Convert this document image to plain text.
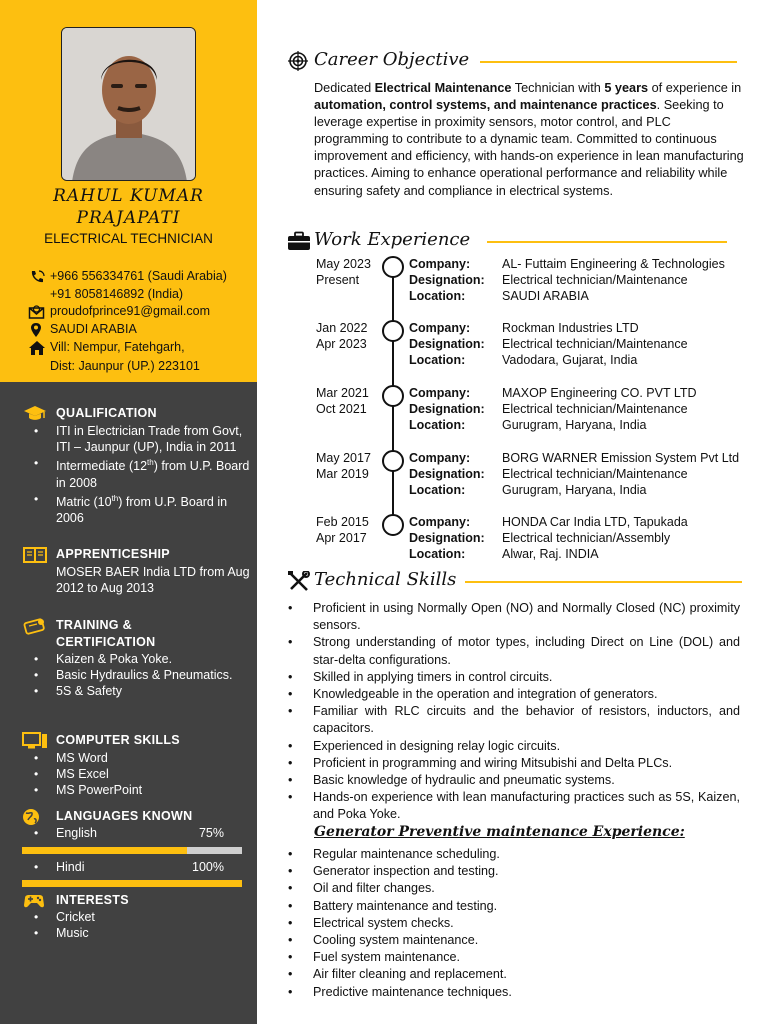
RAHUL KUMAR
PRAJAPATI
ELECTRICAL TECHNICIAN
+966 556334761 (Saudi Arabia)
+91 8058146892 (India)
proudofprince91@gmail.com
SAUDI ARABIA
Vill: Nempur, Fatehgarh,
Dist: Jaunpur (UP.) 223101
QUALIFICATION
• ITI in Electrician Trade from Govt, ITI – Jaunpur (UP), India in 2011
• Intermediate (12th) from U.P. Board in 2008
• Matric (10th) from U.P. Board in 2006
APPRENTICESHIP
MOSER BAER India LTD from Aug 2012 to Aug 2013
TRAINING & CERTIFICATION
• Kaizen & Poka Yoke.
• Basic Hydraulics & Pneumatics.
• 5S & Safety
COMPUTER SKILLS
• MS Word
• MS Excel
• MS PowerPoint
LANGUAGES KNOWN
• English	75%
• Hindi	100%
INTERESTS
• Cricket
• Music
Career Objective
Dedicated Electrical Maintenance Technician with 5 years of experience in automation, control systems, and maintenance practices. Seeking to leverage expertise in proximity sensors, motor control, and PLC programming to contribute to a dynamic team. Committed to continuous improvement and efficiency, with hands-on experience in lean manufacturing practices. Aiming to enhance operational performance and reliability while ensuring safety and compliance in electrical systems.
Work Experience
May 2023
Present
Company:	AL- Futtaim Engineering & Technologies
Designation: Electrical technician/Maintenance
Location:	SAUDI ARABIA
Jan 2022
Apr 2023
Company:	Rockman Industries LTD
Designation: Electrical technician/Maintenance
Location:	Vadodara, Gujarat, India
Mar 2021
Oct 2021
Company:	MAXOP Engineering CO. PVT LTD
Designation: Electrical technician/Maintenance
Location:	Gurugram, Haryana, India
May 2017
Mar 2019
Company:	BORG WARNER Emission System Pvt Ltd
Designation: Electrical technician/Maintenance
Location:	Gurugram, Haryana, India
Feb 2015
Apr 2017
Company:	HONDA Car India LTD, Tapukada
Designation: Electrical technician/Assembly
Location:	Alwar, Raj. INDIA
Technical Skills
• Proficient in using Normally Open (NO) and Normally Closed (NC) proximity sensors.
• Strong understanding of motor types, including Direct on Line (DOL) and star-delta configurations.
• Skilled in applying timers in control circuits.
• Knowledgeable in the operation and integration of generators.
• Familiar with RLC circuits and the behavior of resistors, inductors, and capacitors.
• Experienced in designing relay logic circuits.
• Proficient in programming and wiring Mitsubishi and Delta PLCs.
• Basic knowledge of hydraulic and pneumatic systems.
• Hands-on experience with lean manufacturing practices such as 5S, Kaizen, and Poka Yoke.
Generator Preventive maintenance Experience:
• Regular maintenance scheduling.
• Generator inspection and testing.
• Oil and filter changes.
• Battery maintenance and testing.
• Electrical system checks.
• Cooling system maintenance.
• Fuel system maintenance.
• Air filter cleaning and replacement.
• Predictive maintenance techniques.
